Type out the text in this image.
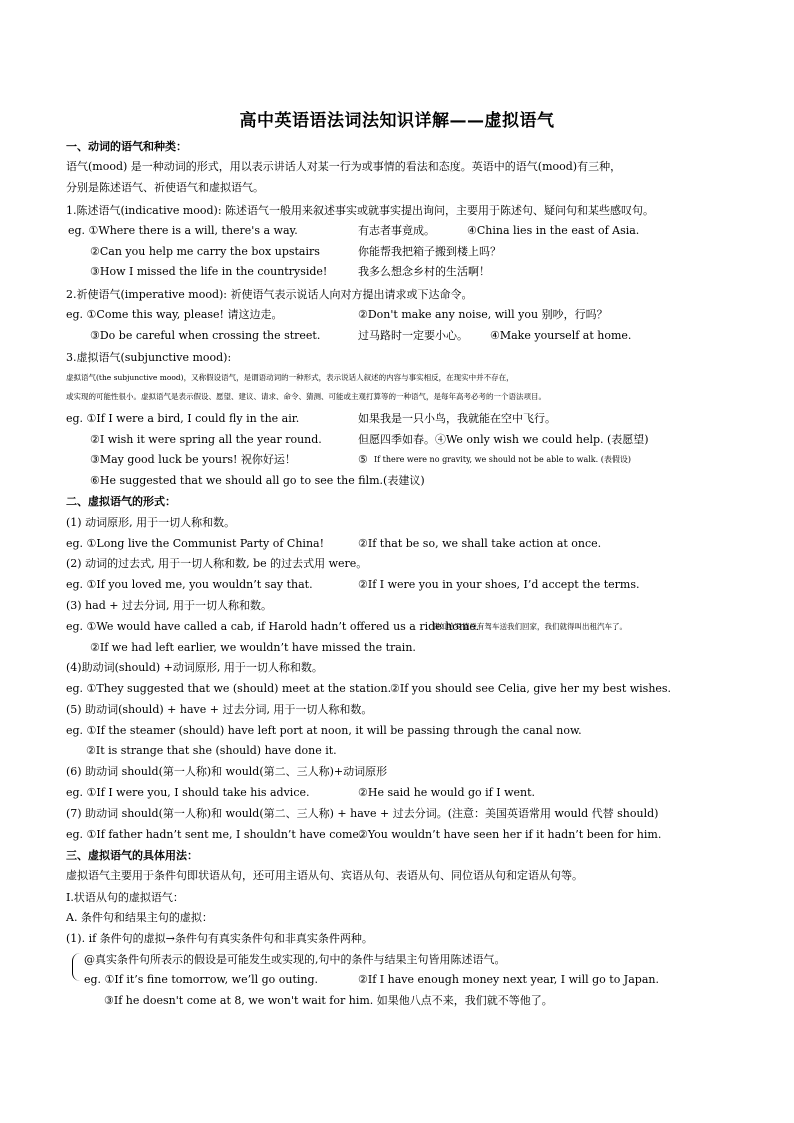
高中英语语法词法知识详解——虚拟语气
一、动词的语气和种类：
语气(mood) 是一种动词的形式，用以表示讲话人对某一行为或事情的看法和态度。英语中的语气(mood)有三种，
分别是陈述语气、祈使语气和虚拟语气。
1.陈述语气(indicative mood): 陈述语气一般用来叙述事实或就事实提出询问，主要用于陈述句、疑问句和某些感叹句。
eg. ①Where there is a will, there's a way.	有志者事竟成。	④China lies in the east of Asia.
②Can you help me carry the box upstairs	你能帮我把箱子搬到楼上吗？
③How I missed the life in the countryside!	我多么想念乡村的生活啊！
2.祈使语气(imperative mood): 祈使语气表示说话人向对方提出请求或下达命令。
eg. ①Come this way, please! 请这边走。	②Don't make any noise, will you 别吵，行吗？
③Do be careful when crossing the street.	过马路时一定要小心。 ④Make yourself at home.
3.虚拟语气(subjunctive mood):
虚拟语气(the subjunctive mood)，又称假设语气，是谓语动词的一种形式，表示说话人叙述的内容与事实相反，在现实中并不存在，
或实现的可能性很小。虚拟语气是表示假设、愿望、建议、请求、命令、猜测、可能或主观打算等的一种语气，是每年高考必考的一个语法项目。
eg. ①If I were a bird, I could fly in the air.	如果我是一只小鸟，我就能在空中飞行。
②I wish it were spring all the year round.	但愿四季如春。④We only wish we could help. (表愿望)
③May good luck be yours! 祝你好运！	⑤ If there were no gravity, we should not be able to walk. (表假设)
⑥He suggested that we should all go to see the film.(表建议)
二、虚拟语气的形式：
(1) 动词原形, 用于一切人称和数。
eg. ①Long live the Communist Party of China!	②If that be so, we shall take action at once.
(2) 动词的过去式, 用于一切人称和数, be 的过去式用 were。
eg. ①If you loved me, you wouldn’t say that.	②If I were you in your shoes, I’d accept the terms.
(3) had + 过去分词, 用于一切人称和数。
eg. ①We would have called a cab, if Harold hadn’t offered us a ride home.
假如哈罗德没有驾车送我们回家，我们就得叫出租汽车了。
②If we had left earlier, we wouldn’t have missed the train.
(4)助动词(should) +动词原形, 用于一切人称和数。
eg. ①They suggested that we (should) meet at the station.
②If you should see Celia, give her my best wishes.
(5) 助动词(should) + have + 过去分词, 用于一切人称和数。
eg. ①If the steamer (should) have left port at noon, it will be passing through the canal now.
②It is strange that she (should) have done it.
(6) 助动词 should(第一人称)和 would(第二、三人称)+动词原形
eg. ①If I were you, I should take his advice.	②He said he would go if I went.
(7) 助动词 should(第一人称)和 would(第二、三人称) + have + 过去分词。(注意：美国英语常用 would 代替 should)
eg. ①If father hadn’t sent me, I shouldn’t have come.
②You wouldn’t have seen her if it hadn’t been for him.
三、虚拟语气的具体用法：
虚拟语气主要用于条件句即状语从句，还可用主语从句、宾语从句、表语从句、同位语从句和定语从句等。
I.状语从句的虚拟语气：
A. 条件句和结果主句的虚拟：
(1). if 条件句的虚拟→条件句有真实条件句和非真实条件两种。
@真实条件句所表示的假设是可能发生或实现的,句中的条件与结果主句皆用陈述语气。
eg. ①If it’s fine tomorrow, we’ll go outing.	②If I have enough money next year, I will go to Japan.
③If he doesn't come at 8, we won't wait for him. 如果他八点不来，我们就不等他了。
